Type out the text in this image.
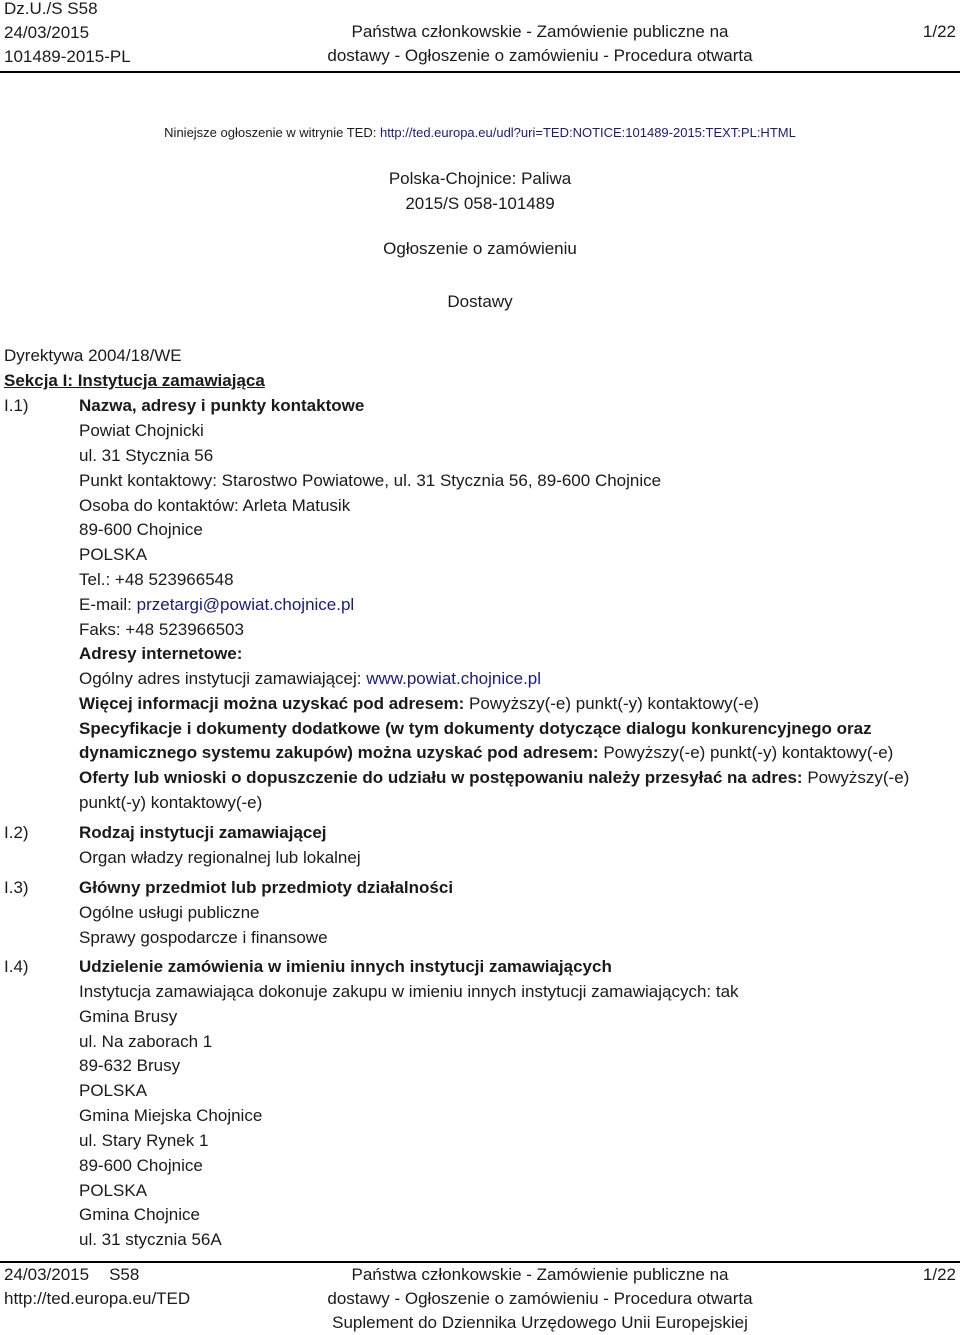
Dz.U./S S58
24/03/2015
101489-2015-PL
Państwa członkowskie - Zamówienie publiczne na
dostawy - Ogłoszenie o zamówieniu - Procedura otwarta
1/22
Niniejsze ogłoszenie w witrynie TED: http://ted.europa.eu/udl?uri=TED:NOTICE:101489-2015:TEXT:PL:HTML
Polska-Chojnice: Paliwa
2015/S 058-101489
Ogłoszenie o zamówieniu
Dostawy
Dyrektywa 2004/18/WE
Sekcja I: Instytucja zamawiająca
I.1)	Nazwa, adresy i punkty kontaktowe
Powiat Chojnicki
ul. 31 Stycznia 56
Punkt kontaktowy: Starostwo Powiatowe, ul. 31 Stycznia 56, 89-600 Chojnice
Osoba do kontaktów: Arleta Matusik
89-600 Chojnice
POLSKA
Tel.: +48 523966548
E-mail: przetargi@powiat.chojnice.pl
Faks: +48 523966503
Adresy internetowe:
Ogólny adres instytucji zamawiającej: www.powiat.chojnice.pl
Więcej informacji można uzyskać pod adresem: Powyższy(-e) punkt(-y) kontaktowy(-e)
Specyfikacje i dokumenty dodatkowe (w tym dokumenty dotyczące dialogu konkurencyjnego oraz
dynamicznego systemu zakupów) można uzyskać pod adresem: Powyższy(-e) punkt(-y) kontaktowy(-e)
Oferty lub wnioski o dopuszczenie do udziału w postępowaniu należy przesyłać na adres: Powyższy(-e)
punkt(-y) kontaktowy(-e)
I.2)	Rodzaj instytucji zamawiającej
Organ władzy regionalnej lub lokalnej
I.3)	Główny przedmiot lub przedmioty działalności
Ogólne usługi publiczne
Sprawy gospodarcze i finansowe
I.4)	Udzielenie zamówienia w imieniu innych instytucji zamawiających
Instytucja zamawiająca dokonuje zakupu w imieniu innych instytucji zamawiających: tak
Gmina Brusy
ul. Na zaborach 1
89-632 Brusy
POLSKA
Gmina Miejska Chojnice
ul. Stary Rynek 1
89-600 Chojnice
POLSKA
Gmina Chojnice
ul. 31 stycznia 56A
24/03/2015 S58
http://ted.europa.eu/TED
Państwa członkowskie - Zamówienie publiczne na
dostawy - Ogłoszenie o zamówieniu - Procedura otwarta
Suplement do Dziennika Urzędowego Unii Europejskiej
1/22
